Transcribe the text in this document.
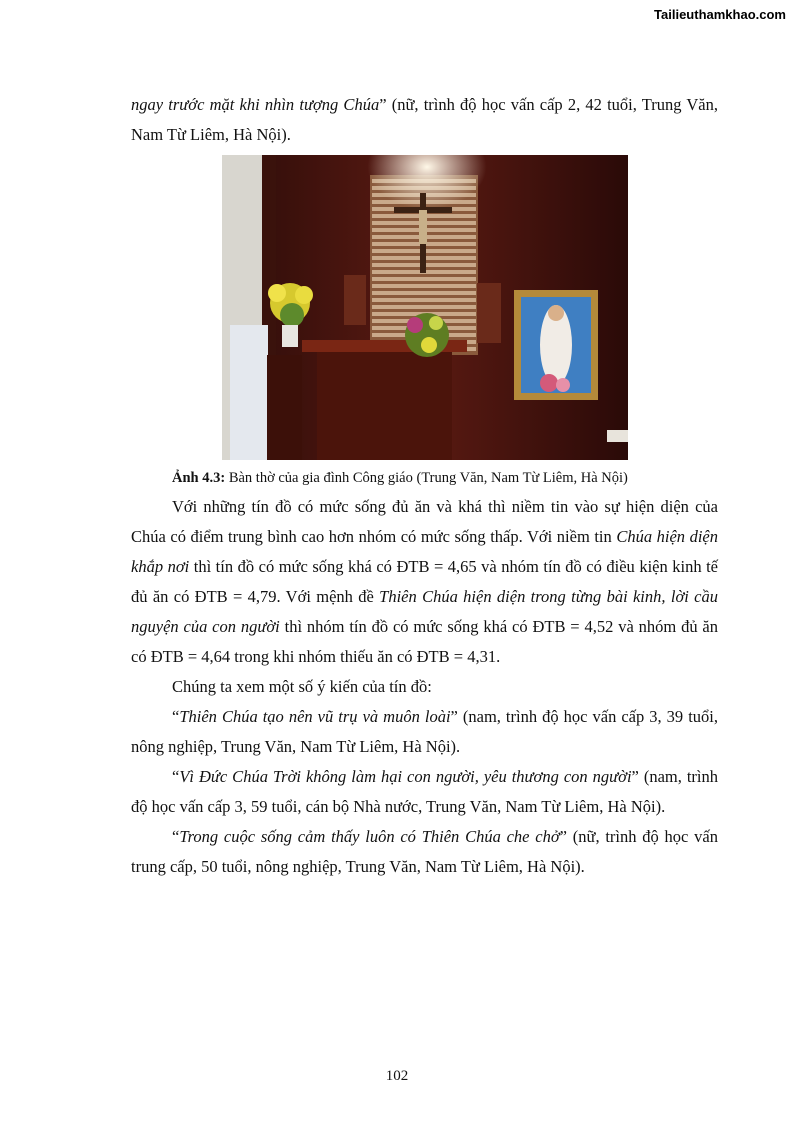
Tailieuthamkhao.com

ngay trước mặt khi nhìn tượng Chúa” (nữ, trình độ học vấn cấp 2, 42 tuổi, Trung Văn, Nam Từ Liêm, Hà Nội).

Ảnh 4.3: Bàn thờ của gia đình Công giáo (Trung Văn, Nam Từ Liêm, Hà Nội)

Với những tín đồ có mức sống đủ ăn và khá thì niềm tin vào sự hiện diện của Chúa có điểm trung bình cao hơn nhóm có mức sống thấp. Với niềm tin Chúa hiện diện khắp nơi thì tín đồ có mức sống khá có ĐTB = 4,65 và nhóm tín đồ có điều kiện kinh tế đủ ăn có ĐTB = 4,79. Với mệnh đề Thiên Chúa hiện diện trong từng bài kinh, lời cầu nguyện của con người thì nhóm tín đồ có mức sống khá có ĐTB = 4,52 và nhóm đủ ăn có ĐTB = 4,64 trong khi nhóm thiếu ăn có ĐTB = 4,31.

Chúng ta xem một số ý kiến của tín đồ:

“Thiên Chúa tạo nên vũ trụ và muôn loài” (nam, trình độ học vấn cấp 3, 39 tuổi, nông nghiệp, Trung Văn, Nam Từ Liêm, Hà Nội).

“Vì Đức Chúa Trời không làm hại con người, yêu thương con người” (nam, trình độ học vấn cấp 3, 59 tuổi, cán bộ Nhà nước, Trung Văn, Nam Từ Liêm, Hà Nội).

“Trong cuộc sống cảm thấy luôn có Thiên Chúa che chở” (nữ, trình độ học vấn trung cấp, 50 tuổi, nông nghiệp, Trung Văn, Nam Từ Liêm, Hà Nội).

102
